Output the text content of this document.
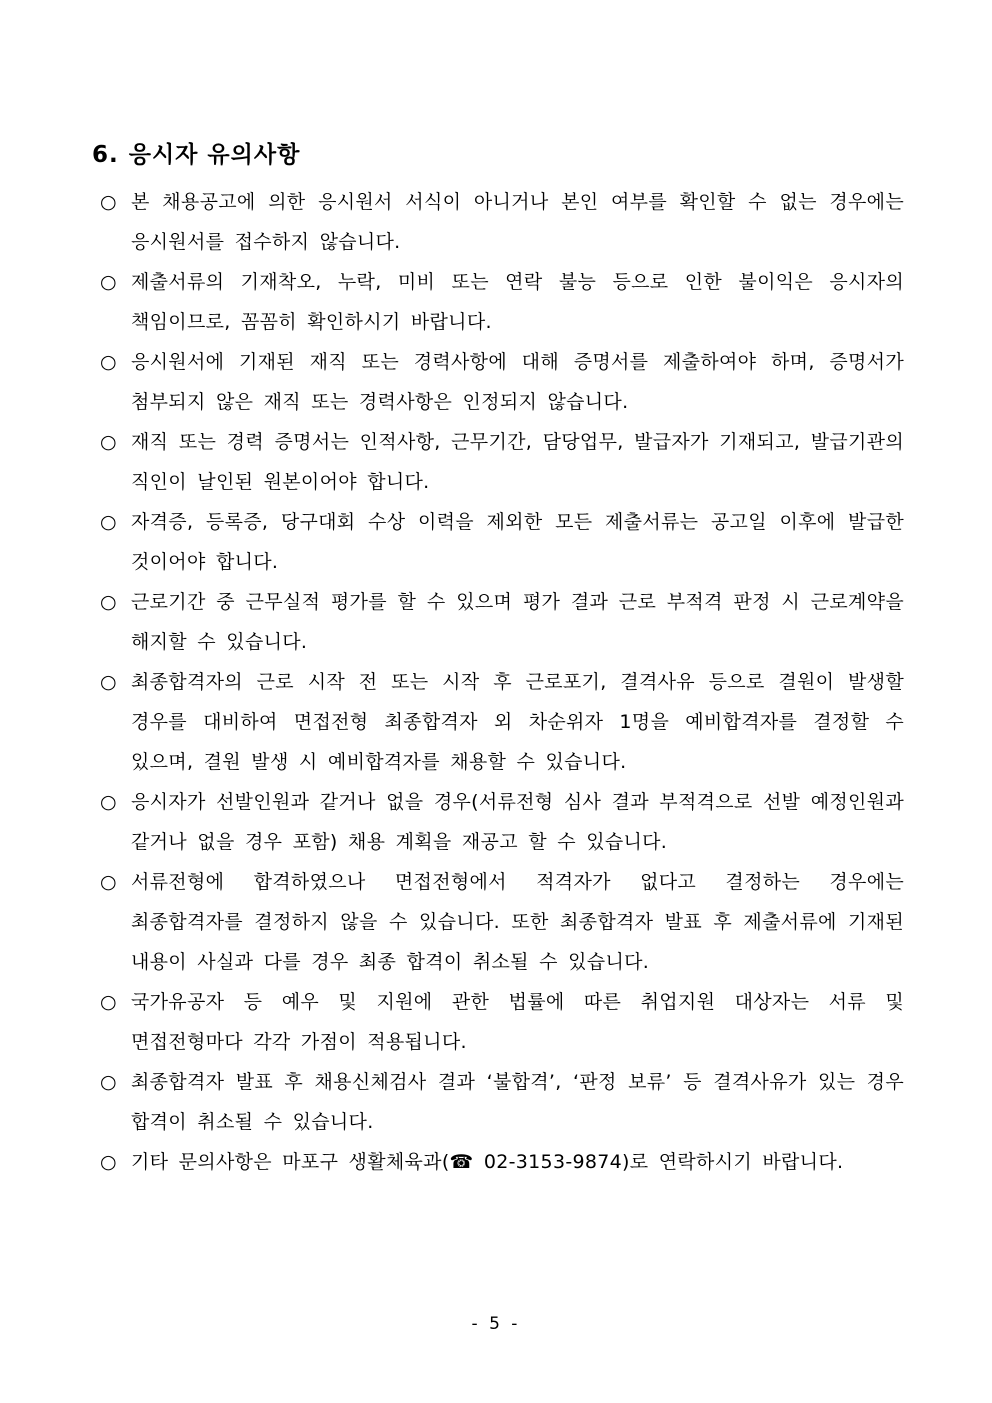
6. 응시자 유의사항
○ 본 채용공고에 의한 응시원서 서식이 아니거나 본인 여부를 확인할 수 없는 경우에는 응시원서를 접수하지 않습니다.
○ 제출서류의 기재착오, 누락, 미비 또는 연락 불능 등으로 인한 불이익은 응시자의 책임이므로, 꼼꼼히 확인하시기 바랍니다.
○ 응시원서에 기재된 재직 또는 경력사항에 대해 증명서를 제출하여야 하며, 증명서가 첨부되지 않은 재직 또는 경력사항은 인정되지 않습니다.
○ 재직 또는 경력 증명서는 인적사항, 근무기간, 담당업무, 발급자가 기재되고, 발급기관의 직인이 날인된 원본이어야 합니다.
○ 자격증, 등록증, 당구대회 수상 이력을 제외한 모든 제출서류는 공고일 이후에 발급한 것이어야 합니다.
○ 근로기간 중 근무실적 평가를 할 수 있으며 평가 결과 근로 부적격 판정 시 근로계약을 해지할 수 있습니다.
○ 최종합격자의 근로 시작 전 또는 시작 후 근로포기, 결격사유 등으로 결원이 발생할 경우를 대비하여 면접전형 최종합격자 외 차순위자 1명을 예비합격자를 결정할 수 있으며, 결원 발생 시 예비합격자를 채용할 수 있습니다.
○ 응시자가 선발인원과 같거나 없을 경우(서류전형 심사 결과 부적격으로 선발 예정인원과 같거나 없을 경우 포함) 채용 계획을 재공고 할 수 있습니다.
○ 서류전형에 합격하였으나 면접전형에서 적격자가 없다고 결정하는 경우에는 최종합격자를 결정하지 않을 수 있습니다. 또한 최종합격자 발표 후 제출서류에 기재된 내용이 사실과 다를 경우 최종 합격이 취소될 수 있습니다.
○ 국가유공자 등 예우 및 지원에 관한 법률에 따른 취업지원 대상자는 서류 및 면접전형마다 각각 가점이 적용됩니다.
○ 최종합격자 발표 후 채용신체검사 결과 ‘불합격’, ‘판정 보류’ 등 결격사유가 있는 경우 합격이 취소될 수 있습니다.
○ 기타 문의사항은 마포구 생활체육과(☎ 02-3153-9874)로 연락하시기 바랍니다.
- 5 -
